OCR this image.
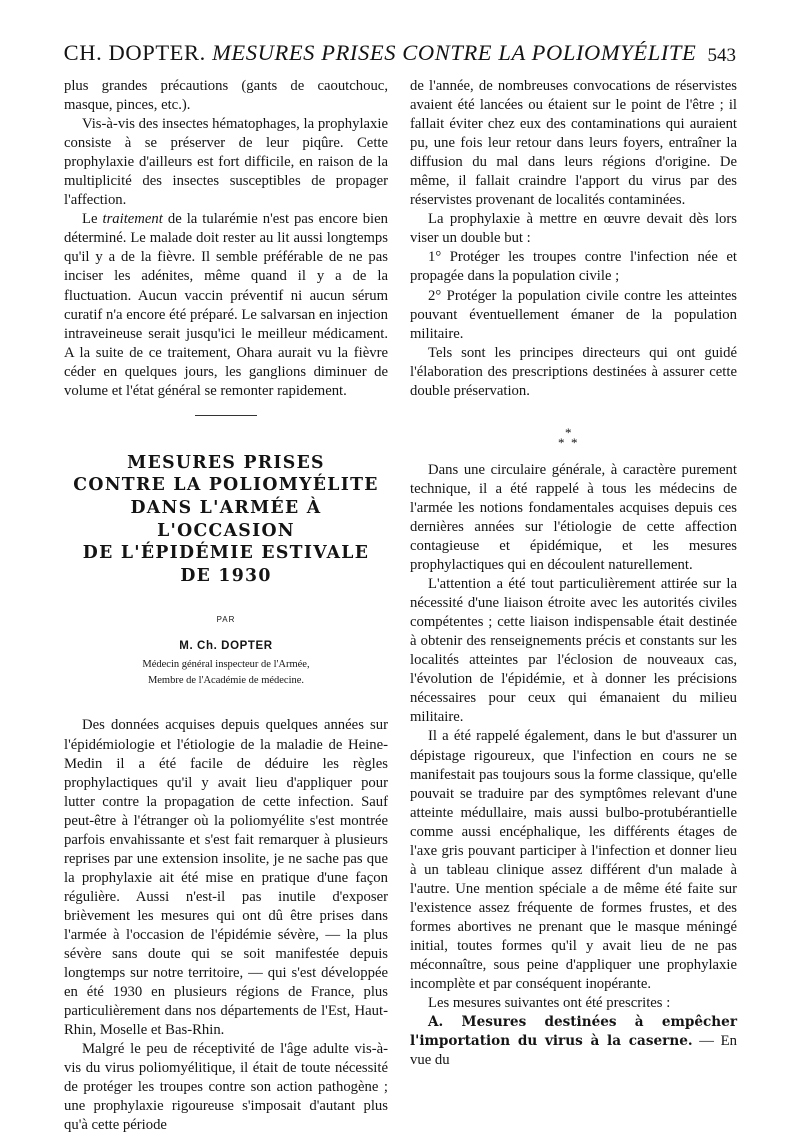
CH. DOPTER. MESURES PRISES CONTRE LA POLIOMYÉLITE 543

plus grandes précautions (gants de caoutchouc, masque, pinces, etc.).

Vis-à-vis des insectes hématophages, la prophylaxie consiste à se préserver de leur piqûre. Cette prophylaxie d'ailleurs est fort difficile, en raison de la multiplicité des insectes susceptibles de propager l'affection.

Le traitement de la tularémie n'est pas encore bien déterminé. Le malade doit rester au lit aussi longtemps qu'il y a de la fièvre. Il semble préférable de ne pas inciser les adénites, même quand il y a de la fluctuation. Aucun vaccin préventif ni aucun sérum curatif n'a encore été préparé. Le salvarsan en injection intraveineuse serait jusqu'ici le meilleur médicament. A la suite de ce traitement, Ohara aurait vu la fièvre céder en quelques jours, les ganglions diminuer de volume et l'état général se remonter rapidement.

MESURES PRISES
CONTRE LA POLIOMYÉLITE
DANS L'ARMÉE À L'OCCASION
DE L'ÉPIDÉMIE ESTIVALE
DE 1930
PAR
M. Ch. DOPTER
Médecin général inspecteur de l'Armée,
Membre de l'Académie de médecine.

Des données acquises depuis quelques années sur l'épidémiologie et l'étiologie de la maladie de Heine-Medin il a été facile de déduire les règles prophylactiques qu'il y avait lieu d'appliquer pour lutter contre la propagation de cette infection. Sauf peut-être à l'étranger où la poliomyélite s'est montrée parfois envahissante et s'est fait remarquer à plusieurs reprises par une extension insolite, je ne sache pas que la prophylaxie ait été mise en pratique d'une façon régulière. Aussi n'est-il pas inutile d'exposer brièvement les mesures qui ont dû être prises dans l'armée à l'occasion de l'épidémie sévère, — la plus sévère sans doute qui se soit manifestée depuis longtemps sur notre territoire, — qui s'est développée en été 1930 en plusieurs régions de France, plus particulièrement dans nos départements de l'Est, Haut-Rhin, Moselle et Bas-Rhin.

Malgré le peu de réceptivité de l'âge adulte vis-à-vis du virus poliomyélitique, il était de toute nécessité de protéger les troupes contre son action pathogène ; une prophylaxie rigoureuse s'imposait d'autant plus qu'à cette période

de l'année, de nombreuses convocations de réservistes avaient été lancées ou étaient sur le point de l'être ; il fallait éviter chez eux des contaminations qui auraient pu, une fois leur retour dans leurs foyers, entraîner la diffusion du mal dans leurs régions d'origine. De même, il fallait craindre l'apport du virus par des réservistes provenant de localités contaminées.

La prophylaxie à mettre en œuvre devait dès lors viser un double but :

1° Protéger les troupes contre l'infection née et propagée dans la population civile ;

2° Protéger la population civile contre les atteintes pouvant éventuellement émaner de la population militaire.

Tels sont les principes directeurs qui ont guidé l'élaboration des prescriptions destinées à assurer cette double préservation.

*
* *

Dans une circulaire générale, à caractère purement technique, il a été rappelé à tous les médecins de l'armée les notions fondamentales acquises depuis ces dernières années sur l'étiologie de cette affection contagieuse et épidémique, et les mesures prophylactiques qui en découlent naturellement.

L'attention a été tout particulièrement attirée sur la nécessité d'une liaison étroite avec les autorités civiles compétentes ; cette liaison indispensable était destinée à obtenir des renseignements précis et constants sur les localités atteintes par l'éclosion de nouveaux cas, l'évolution de l'épidémie, et à donner les précisions nécessaires pour ceux qui émanaient du milieu militaire.

Il a été rappelé également, dans le but d'assurer un dépistage rigoureux, que l'infection en cours ne se manifestait pas toujours sous la forme classique, qu'elle pouvait se traduire par des symptômes relevant d'une atteinte médullaire, mais aussi bulbo-protubérantielle comme aussi encéphalique, les différents étages de l'axe gris pouvant participer à l'infection et donner lieu à un tableau clinique assez différent d'un malade à l'autre. Une mention spéciale a de même été faite sur l'existence assez fréquente de formes frustes, et des formes abortives ne prenant que le masque méningé initial, toutes formes qu'il y avait lieu de ne pas méconnaître, sous peine d'appliquer une prophylaxie incomplète et par conséquent inopérante.

Les mesures suivantes ont été prescrites :

A. Mesures destinées à empêcher l'importation du virus à la caserne. — En vue du
